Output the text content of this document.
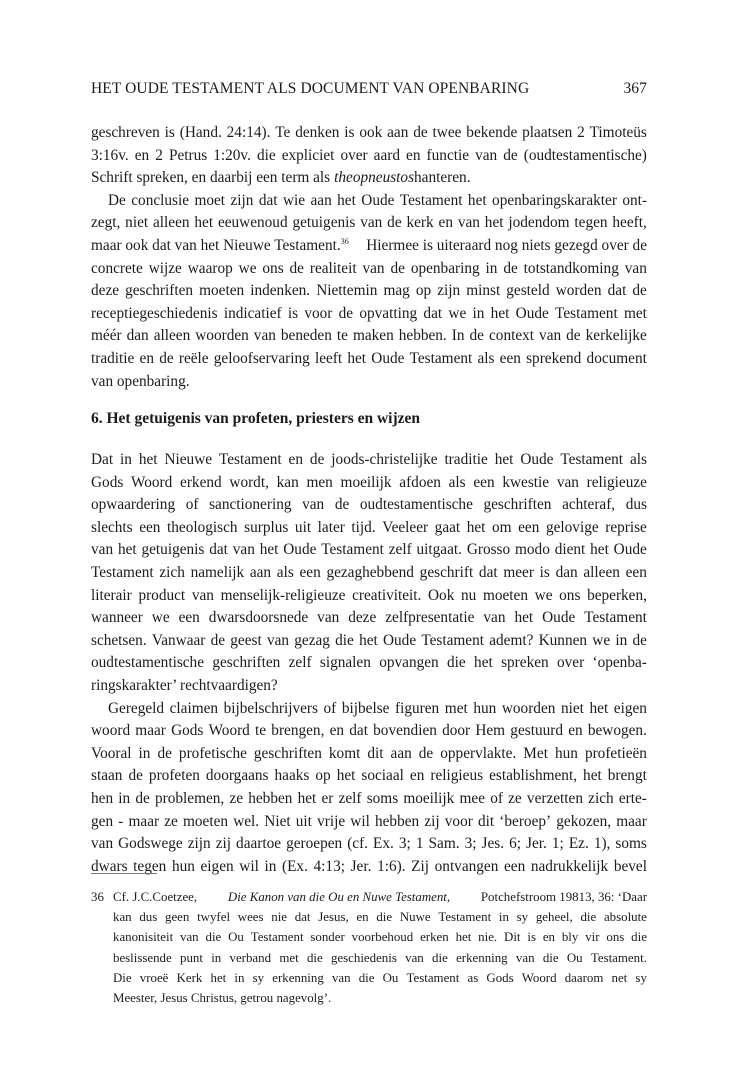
HET OUDE TESTAMENT ALS DOCUMENT VAN OPENBARING	367
geschreven is (Hand. 24:14). Te denken is ook aan de twee bekende plaatsen 2 Timoteüs
3:16v. en 2 Petrus 1:20v. die expliciet over aard en functie van de (oudtestamentische)
Schrift spreken, en daarbij een term als theopneustos hanteren.
De conclusie moet zijn dat wie aan het Oude Testament het openbaringskarakter ont-
zegt, niet alleen het eeuwenoud getuigenis van de kerk en van het jodendom tegen heeft,
maar ook dat van het Nieuwe Testament.$^{36}$ Hiermee is uiteraard nog niets gezegd over de
concrete wijze waarop we ons de realiteit van de openbaring in de totstandkoming van
deze geschriften moeten indenken. Niettemin mag op zijn minst gesteld worden dat de
receptiegeschiedenis indicatief is voor de opvatting dat we in het Oude Testament met
méér dan alleen woorden van beneden te maken hebben. In de context van de kerkelijke
traditie en de reële geloofservaring leeft het Oude Testament als een sprekend document
van openbaring.
6. Het getuigenis van profeten, priesters en wijzen
Dat in het Nieuwe Testament en de joods-christelijke traditie het Oude Testament als
Gods Woord erkend wordt, kan men moeilijk afdoen als een kwestie van religieuze
opwaardering of sanctionering van de oudtestamentische geschriften achteraf, dus
slechts een theologisch surplus uit later tijd. Veeleer gaat het om een gelovige reprise
van het getuigenis dat van het Oude Testament zelf uitgaat. Grosso modo dient het Oude
Testament zich namelijk aan als een gezaghebbend geschrift dat meer is dan alleen een
literair product van menselijk-religieuze creativiteit. Ook nu moeten we ons beperken,
wanneer we een dwarsdoorsnede van deze zelfpresentatie van het Oude Testament
schetsen. Vanwaar de geest van gezag die het Oude Testament ademt? Kunnen we in de
oudtestamentische geschriften zelf signalen opvangen die het spreken over ‘openba-
ringskarakter’ rechtvaardigen?
Geregeld claimen bijbelschrijvers of bijbelse figuren met hun woorden niet het eigen
woord maar Gods Woord te brengen, en dat bovendien door Hem gestuurd en bewogen.
Vooral in de profetische geschriften komt dit aan de oppervlakte. Met hun profetieën
staan de profeten doorgaans haaks op het sociaal en religieus establishment, het brengt
hen in de problemen, ze hebben het er zelf soms moeilijk mee of ze verzetten zich erte-
gen - maar ze moeten wel. Niet uit vrije wil hebben zij voor dit ‘beroep’ gekozen, maar
van Godswege zijn zij daartoe geroepen (cf. Ex. 3; 1 Sam. 3; Jes. 6; Jer. 1; Ez. 1), soms
dwars tegen hun eigen wil in (Ex. 4:13; Jer. 1:6). Zij ontvangen een nadrukkelijk bevel
36 Cf. J.C.Coetzee, Die Kanon van die Ou en Nuwe Testament, Potchefstroom 19813, 36: ‘Daar
kan dus geen twyfel wees nie dat Jesus, en die Nuwe Testament in sy geheel, die absolute
kanonisiteit van die Ou Testament sonder voorbehoud erken het nie. Dit is en bly vir ons die
beslissende punt in verband met die geschiedenis van die erkenning van die Ou Testament.
Die vroeë Kerk het in sy erkenning van die Ou Testament as Gods Woord daarom net sy
Meester, Jesus Christus, getrou nagevolg’.
